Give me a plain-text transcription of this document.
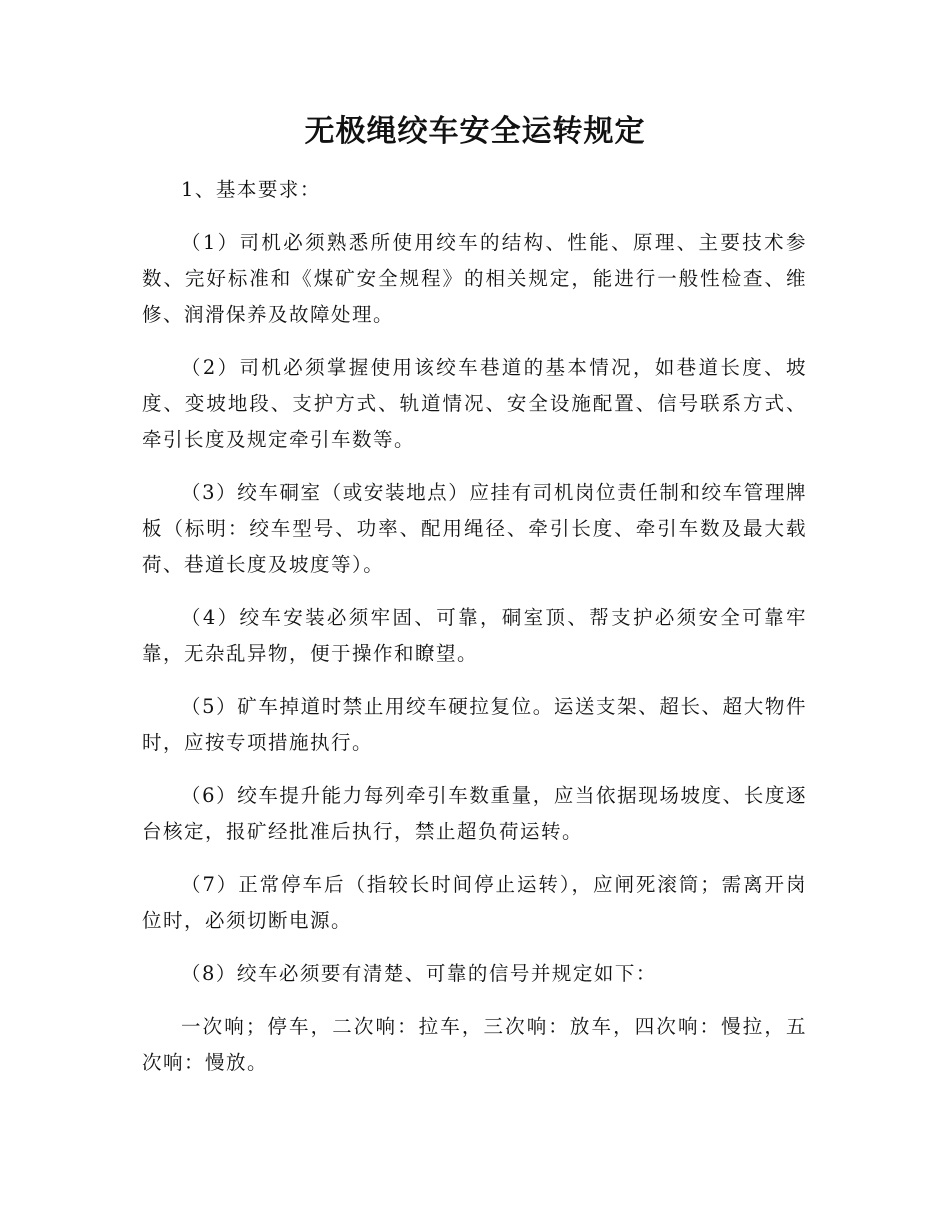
无极绳绞车安全运转规定

1、基本要求：

（1）司机必须熟悉所使用绞车的结构、性能、原理、主要技术参数、完好标准和《煤矿安全规程》的相关规定，能进行一般性检查、维修、润滑保养及故障处理。

（2）司机必须掌握使用该绞车巷道的基本情况，如巷道长度、坡度、变坡地段、支护方式、轨道情况、安全设施配置、信号联系方式、牵引长度及规定牵引车数等。

（3）绞车硐室（或安装地点）应挂有司机岗位责任制和绞车管理牌板（标明：绞车型号、功率、配用绳径、牵引长度、牵引车数及最大载荷、巷道长度及坡度等）。

（4）绞车安装必须牢固、可靠，硐室顶、帮支护必须安全可靠牢靠，无杂乱异物，便于操作和瞭望。

（5）矿车掉道时禁止用绞车硬拉复位。运送支架、超长、超大物件时，应按专项措施执行。

（6）绞车提升能力每列牵引车数重量，应当依据现场坡度、长度逐台核定，报矿经批准后执行，禁止超负荷运转。

（7）正常停车后（指较长时间停止运转），应闸死滚筒；需离开岗位时，必须切断电源。

（8）绞车必须要有清楚、可靠的信号并规定如下：

一次响；停车，二次响：拉车，三次响：放车，四次响：慢拉，五次响：慢放。
